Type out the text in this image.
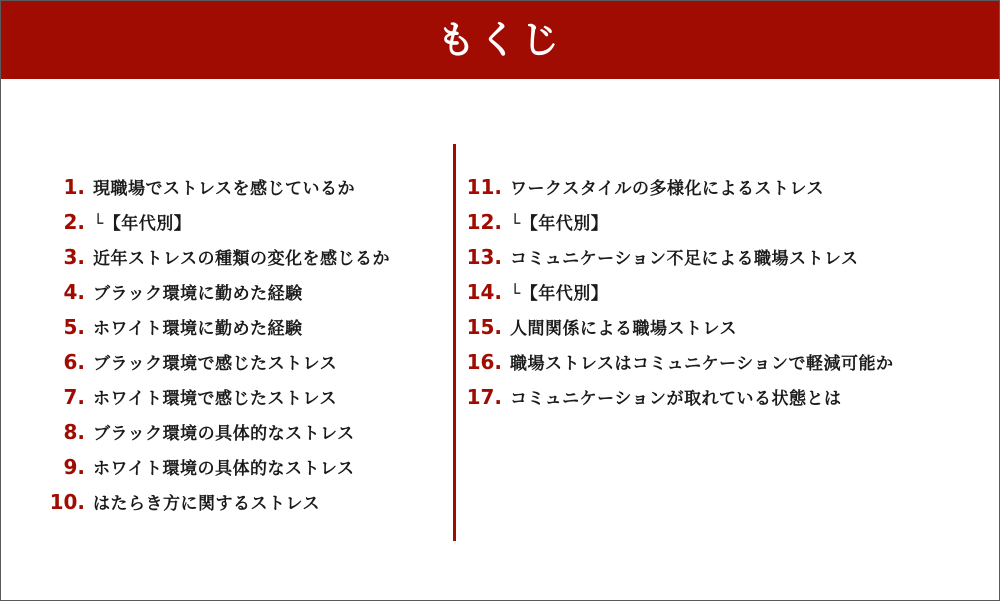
もくじ
1. 現職場でストレスを感じているか
2. └【年代別】
3. 近年ストレスの種類の変化を感じるか
4. ブラック環境に勤めた経験
5. ホワイト環境に勤めた経験
6. ブラック環境で感じたストレス
7. ホワイト環境で感じたストレス
8. ブラック環境の具体的なストレス
9. ホワイト環境の具体的なストレス
10. はたらき方に関するストレス
11. ワークスタイルの多様化によるストレス
12. └【年代別】
13. コミュニケーション不足による職場ストレス
14. └【年代別】
15. 人間関係による職場ストレス
16. 職場ストレスはコミュニケーションで軽減可能か
17. コミュニケーションが取れている状態とは
